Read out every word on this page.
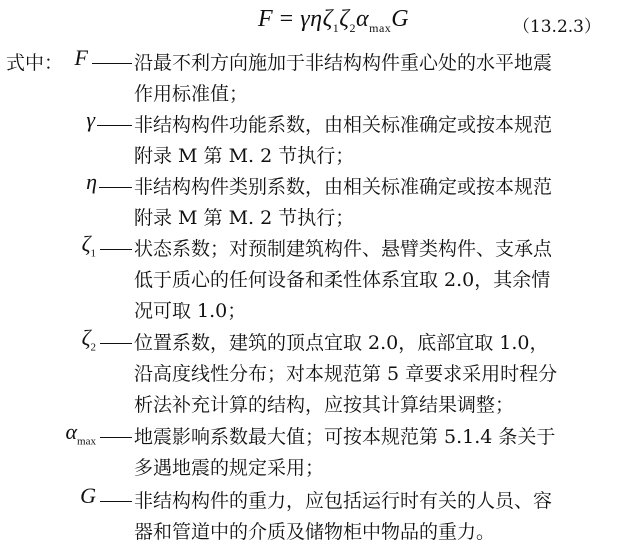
$F = \gamma\eta\zeta_1\zeta_2\alpha_{max}G$	（13.2.3）
式中： F 沿最不利方向施加于非结构构件重心处的水平地震
作用标准值；
γ 非结构构件功能系数，由相关标准确定或按本规范
附录 M 第 M. 2 节执行；
η 非结构构件类别系数，由相关标准确定或按本规范
附录 M 第 M. 2 节执行；
$\zeta_1$ 状态系数；对预制建筑构件、悬臂类构件、支承点
低于质心的任何设备和柔性体系宜取 2.0，其余情
况可取 1.0；
$\zeta_2$ 位置系数，建筑的顶点宜取 2.0，底部宜取 1.0，
沿高度线性分布；对本规范第 5 章要求采用时程分
析法补充计算的结构，应按其计算结果调整；
$\alpha_{max}$ 地震影响系数最大值；可按本规范第 5.1.4 条关于
多遇地震的规定采用；
G 非结构构件的重力，应包括运行时有关的人员、容
器和管道中的介质及储物柜中物品的重力。
